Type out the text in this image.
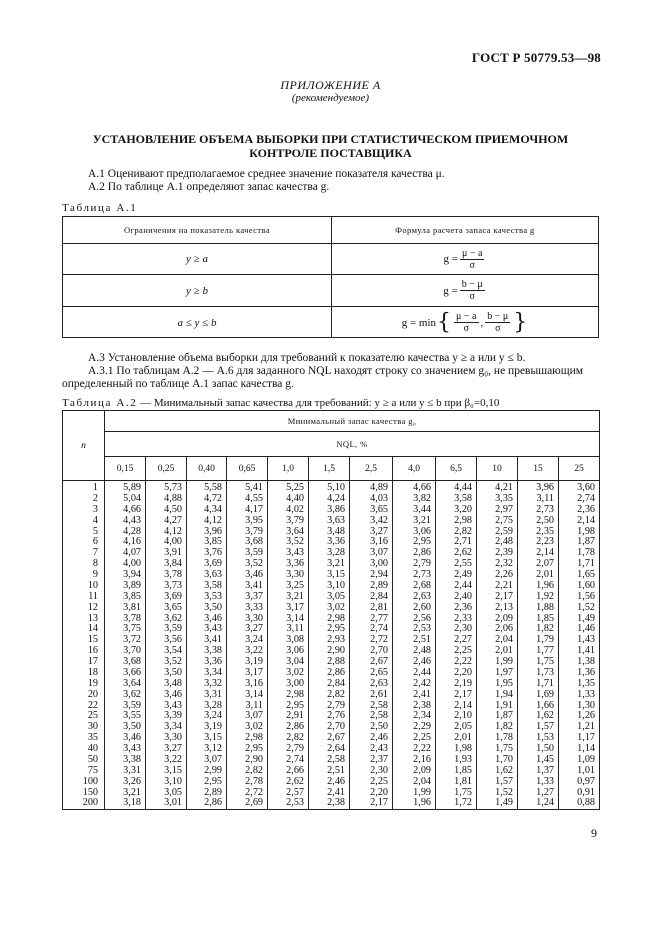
ГОСТ Р 50779.53—98
ПРИЛОЖЕНИЕ А
(рекомендуемое)
УСТАНОВЛЕНИЕ ОБЪЕМА ВЫБОРКИ ПРИ СТАТИСТИЧЕСКОМ ПРИЕМОЧНОМ
КОНТРОЛЕ ПОСТАВЩИКА
А.1 Оценивают предполагаемое среднее значение показателя качества μ.
А.2 По таблице А.1 определяют запас качества g.
Таблица А.1
Ограничения на показатель качества	Формула расчета запаса качества g
y ≥ a	$g = \frac{\mu - a}{\sigma}$
y ≥ b	$g = \frac{b - \mu}{\sigma}$
a ≤ y ≤ b	g = min { $\frac{\mu - a}{\sigma}$ , $\frac{b - \mu}{\sigma}$ }
А.3 Установление объема выборки для требований к показателю качества y ≥ a или y ≤ b.
А.3.1 По таблицам А.2 — А.6 для заданного NQL находят строку со значением g₀, не превышающим
определенный по таблице А.1 запас качества g.
Таблица А.2 — Минимальный запас качества для требований: y ≥ a или y ≤ b при β₀=0,10
n	Минимальный запас качества g₀											
	NQL, %											
	0,15	0,25	0,40	0,65	1,0	1,5	2,5	4,0	6,5	10	15	25
1	5,89	5,73	5,58	5,41	5,25	5,10	4,89	4,66	4,44	4,21	3,96	3,60
2	5,04	4,88	4,72	4,55	4,40	4,24	4,03	3,82	3,58	3,35	3,11	2,74
3	4,66	4,50	4,34	4,17	4,02	3,86	3,65	3,44	3,20	2,97	2,73	2,36
4	4,43	4,27	4,12	3,95	3,79	3,63	3,42	3,21	2,98	2,75	2,50	2,14
5	4,28	4,12	3,96	3,79	3,64	3,48	3,27	3,06	2,82	2,59	2,35	1,98
6	4,16	4,00	3,85	3,68	3,52	3,36	3,16	2,95	2,71	2,48	2,23	1,87
7	4,07	3,91	3,76	3,59	3,43	3,28	3,07	2,86	2,62	2,39	2,14	1,78
8	4,00	3,84	3,69	3,52	3,36	3,21	3,00	2,79	2,55	2,32	2,07	1,71
9	3,94	3,78	3,63	3,46	3,30	3,15	2,94	2,73	2,49	2,26	2,01	1,65
10	3,89	3,73	3,58	3,41	3,25	3,10	2,89	2,68	2,44	2,21	1,96	1,60
11	3,85	3,69	3,53	3,37	3,21	3,05	2,84	2,63	2,40	2,17	1,92	1,56
12	3,81	3,65	3,50	3,33	3,17	3,02	2,81	2,60	2,36	2,13	1,88	1,52
13	3,78	3,62	3,46	3,30	3,14	2,98	2,77	2,56	2,33	2,09	1,85	1,49
14	3,75	3,59	3,43	3,27	3,11	2,95	2,74	2,53	2,30	2,06	1,82	1,46
15	3,72	3,56	3,41	3,24	3,08	2,93	2,72	2,51	2,27	2,04	1,79	1,43
16	3,70	3,54	3,38	3,22	3,06	2,90	2,70	2,48	2,25	2,01	1,77	1,41
17	3,68	3,52	3,36	3,19	3,04	2,88	2,67	2,46	2,22	1,99	1,75	1,38
18	3,66	3,50	3,34	3,17	3,02	2,86	2,65	2,44	2,20	1,97	1,73	1,36
19	3,64	3,48	3,32	3,16	3,00	2,84	2,63	2,42	2,19	1,95	1,71	1,35
20	3,62	3,46	3,31	3,14	2,98	2,82	2,61	2,41	2,17	1,94	1,69	1,33
22	3,59	3,43	3,28	3,11	2,95	2,79	2,58	2,38	2,14	1,91	1,66	1,30
25	3,55	3,39	3,24	3,07	2,91	2,76	2,58	2,34	2,10	1,87	1,62	1,26
30	3,50	3,34	3,19	3,02	2,86	2,70	2,50	2,29	2,05	1,82	1,57	1,21
35	3,46	3,30	3,15	2,98	2,82	2,67	2,46	2,25	2,01	1,78	1,53	1,17
40	3,43	3,27	3,12	2,95	2,79	2,64	2,43	2,22	1,98	1,75	1,50	1,14
50	3,38	3,22	3,07	2,90	2,74	2,58	2,37	2,16	1,93	1,70	1,45	1,09
75	3,31	3,15	2,99	2,82	2,66	2,51	2,30	2,09	1,85	1,62	1,37	1,01
100	3,26	3,10	2,95	2,78	2,62	2,46	2,25	2,04	1,81	1,57	1,33	0,97
150	3,21	3,05	2,89	2,72	2,57	2,41	2,20	1,99	1,75	1,52	1,27	0,91
200	3,18	3,01	2,86	2,69	2,53	2,38	2,17	1,96	1,72	1,49	1,24	0,88
9
